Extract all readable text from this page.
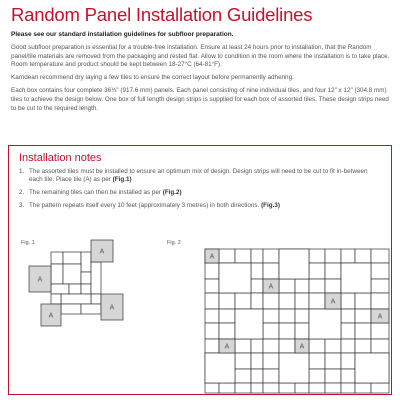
Random Panel Installation Guidelines
Please see our standard installation guidelines for subfloor preparation.

Good subfloor preparation is essential for a trouble-free installation. Ensure at least 24 hours prior to installation, that the Random panel/tile materials are removed from the packaging and rested flat. Allow to condition in the room where the installation is to take place. Room temperature and product should be kept between 18-27°C (64-81°F).

Karndean recommend dry laying a few tiles to ensure the correct layout before permanently adhering.

Each box contains four complete 36⅛" (917.6 mm) panels. Each panel consisting of nine individual tiles, and four 12" x 12" (304.8 mm) tiles to achieve the design below. One box of full length design strips is supplied for each box of assorted tiles. These design strips need to be cut to the required length.

Installation notes
1. The assorted tiles must be installed to ensure an optimum mix of design. Design strips will need to be cut to fit in-between each tile. Place tile (A) as per (Fig.1)
2. The remaining tiles can then be installed as per (Fig.2)
3. The pattern repeats itself every 10 feet (approximately 3 metres) in both directions. (Fig.3)
Fig. 1
A
A
A
A
Fig. 2
A
A
A
A	A
A
